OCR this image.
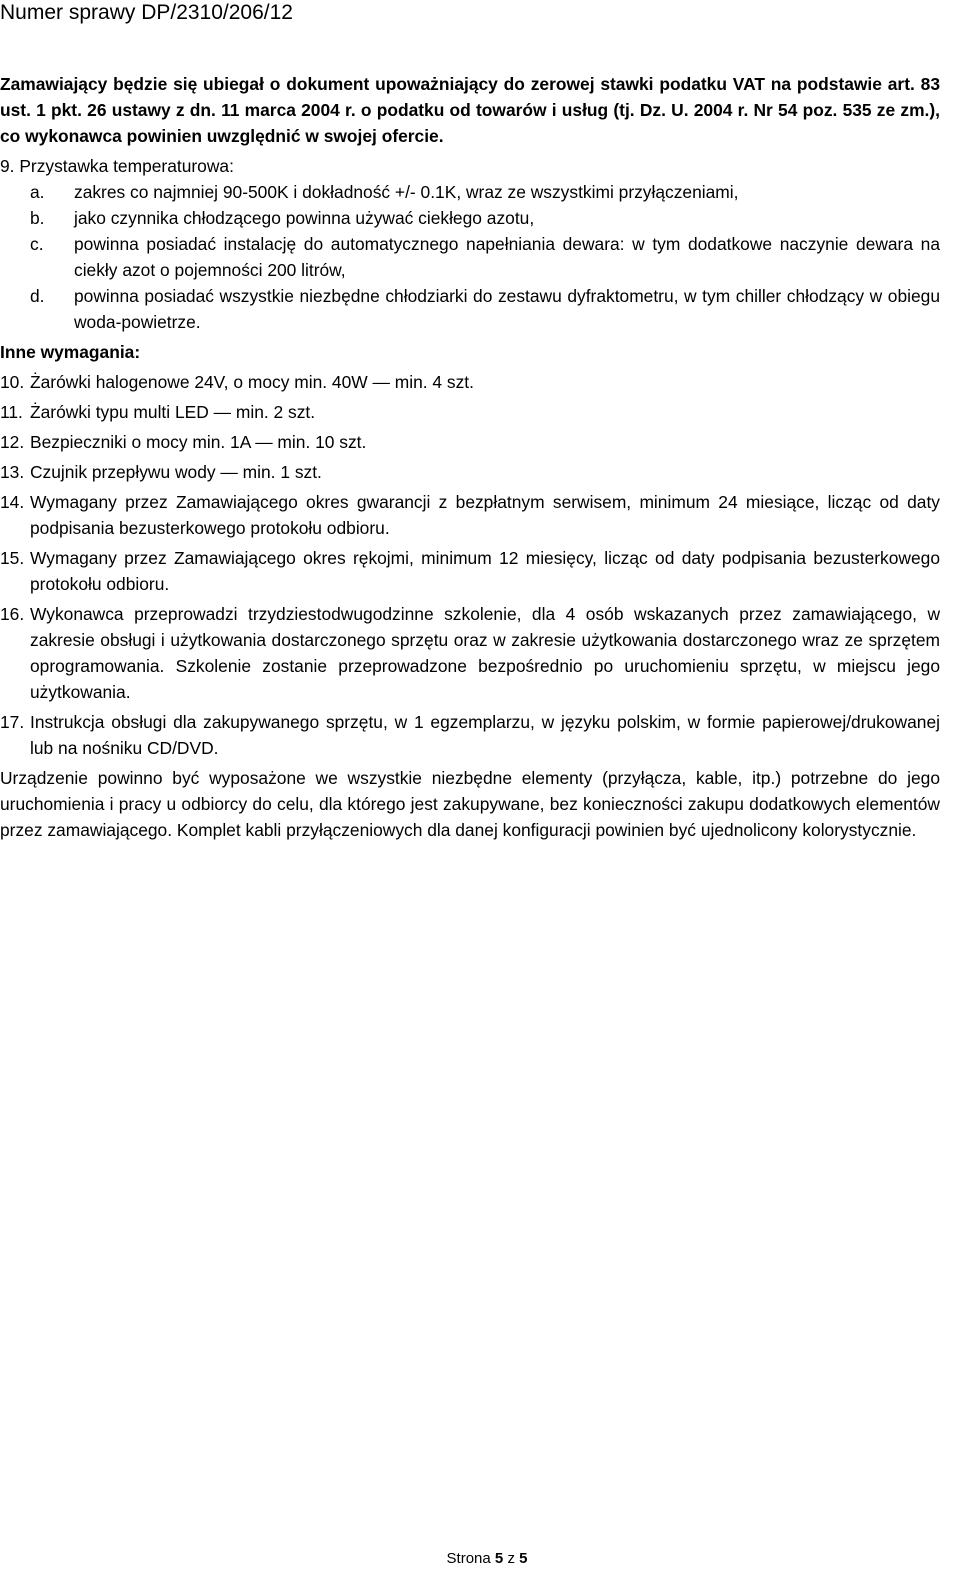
Numer sprawy DP/2310/206/12

Zamawiający będzie się ubiegał o dokument upoważniający do zerowej stawki podatku VAT na podstawie art. 83 ust. 1 pkt. 26 ustawy z dn. 11 marca 2004 r. o podatku od towarów i usług (tj. Dz. U. 2004 r. Nr 54 poz. 535 ze zm.), co wykonawca powinien uwzględnić w swojej ofercie.

9. Przystawka temperaturowa:

a.	zakres co najmniej 90-500K i dokładność +/- 0.1K, wraz ze wszystkimi przyłączeniami,
b.	jako czynnika chłodzącego powinna używać ciekłego azotu,
c.	powinna posiadać instalację do automatycznego napełniania dewara: w tym dodatkowe naczynie dewara na ciekły azot o pojemności 200 litrów,
d.	powinna posiadać wszystkie niezbędne chłodziarki do zestawu dyfraktometru, w tym chiller chłodzący w obiegu woda-powietrze.

Inne wymagania:

10. Żarówki halogenowe 24V, o mocy min. 40W — min. 4 szt.
11. Żarówki typu multi LED — min. 2 szt.
12. Bezpieczniki o mocy min. 1A — min. 10 szt.
13. Czujnik przepływu wody — min. 1 szt.
14. Wymagany przez Zamawiającego okres gwarancji z bezpłatnym serwisem, minimum 24 miesiące, licząc od daty podpisania bezusterkowego protokołu odbioru.
15. Wymagany przez Zamawiającego okres rękojmi, minimum 12 miesięcy, licząc od daty podpisania bezusterkowego protokołu odbioru.
16. Wykonawca przeprowadzi trzydziestodwugodzinne szkolenie, dla 4 osób wskazanych przez zamawiającego, w zakresie obsługi i użytkowania dostarczonego sprzętu oraz w zakresie użytkowania dostarczonego wraz ze sprzętem oprogramowania. Szkolenie zostanie przeprowadzone bezpośrednio po uruchomieniu sprzętu, w miejscu jego użytkowania.
17. Instrukcja obsługi dla zakupywanego sprzętu, w 1 egzemplarzu, w języku polskim, w formie papierowej/drukowanej lub na nośniku CD/DVD.

Urządzenie powinno być wyposażone we wszystkie niezbędne elementy (przyłącza, kable, itp.) potrzebne do jego uruchomienia i pracy u odbiorcy do celu, dla którego jest zakupywane, bez konieczności zakupu dodatkowych elementów przez zamawiającego. Komplet kabli przyłączeniowych dla danej konfiguracji powinien być ujednolicony kolorystycznie.

Strona 5 z 5
